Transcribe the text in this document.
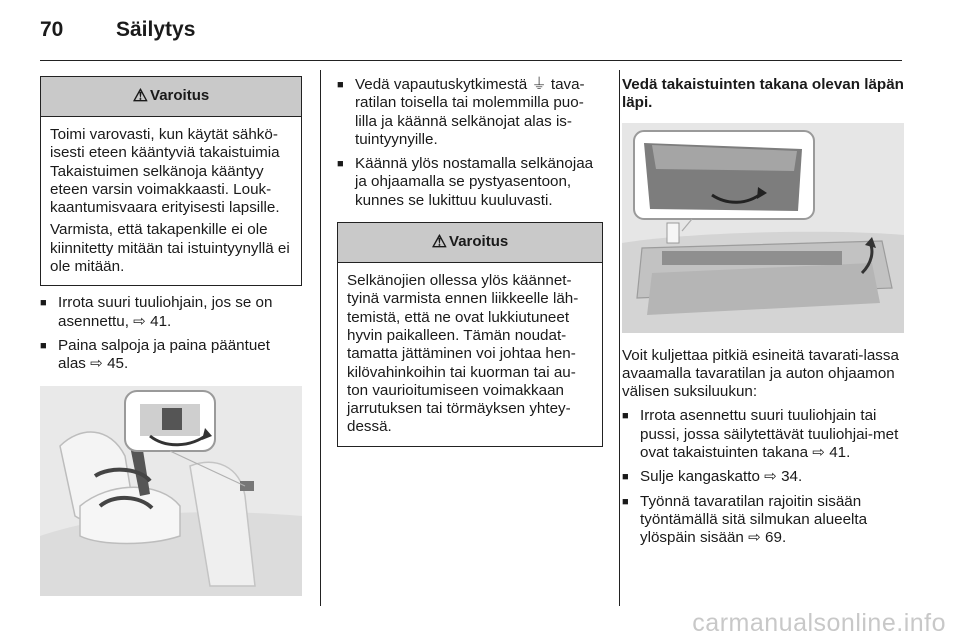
70	Säilytys
⚠ Varoitus

Toimi varovasti, kun käytät sähkö-isesti eteen kääntyviä takaistuimia Takaistuimen selkänoja kääntyy eteen varsin voimakkaasti. Louk-kaantumisvaara erityisesti lapsille.

Varmista, että takapenkille ei ole kiinnitetty mitään tai istuintyynyllä ei ole mitään.

■ Irrota suuri tuuliohjain, jos se on asennettu, ⇨ 41.
■ Paina salpoja ja paina pääntuet alas ⇨ 45.
■ Vedä vapautuskytkimestä ⏚ tava-ratilan toisella tai molemmilla puo-lilla ja käännä selkänojat alas is-tuintyynyille.
■ Käännä ylös nostamalla selkänojaa ja ohjaamalla se pystyasentoon, kunnes se lukittuu kuuluvasti.
⚠ Varoitus

Selkänojien ollessa ylös käännet-tyinä varmista ennen liikkeelle läh-temistä, että ne ovat lukkiutuneet hyvin paikalleen. Tämän noudat-tamatta jättäminen voi johtaa hen-kilövahinkoihin tai kuorman tai au-ton vaurioitumiseen voimakkaan jarrutuksen tai törmäyksen yhtey-dessä.

Vedä takaistuinten takana olevan läpän läpi.

Voit kuljettaa pitkiä esineitä tavarati-lassa avaamalla tavaratilan ja auton ohjaamon välisen suksiluukun:

■ Irrota asennettu suuri tuuliohjain tai pussi, jossa säilytettävät tuuliohjai-met ovat takaistuinten takana ⇨ 41.
■ Sulje kangaskatto ⇨ 34.
■ Työnnä tavaratilan rajoitin sisään työntämällä sitä silmukan alueelta ylöspäin sisään ⇨ 69.
carmanualsonline.info
